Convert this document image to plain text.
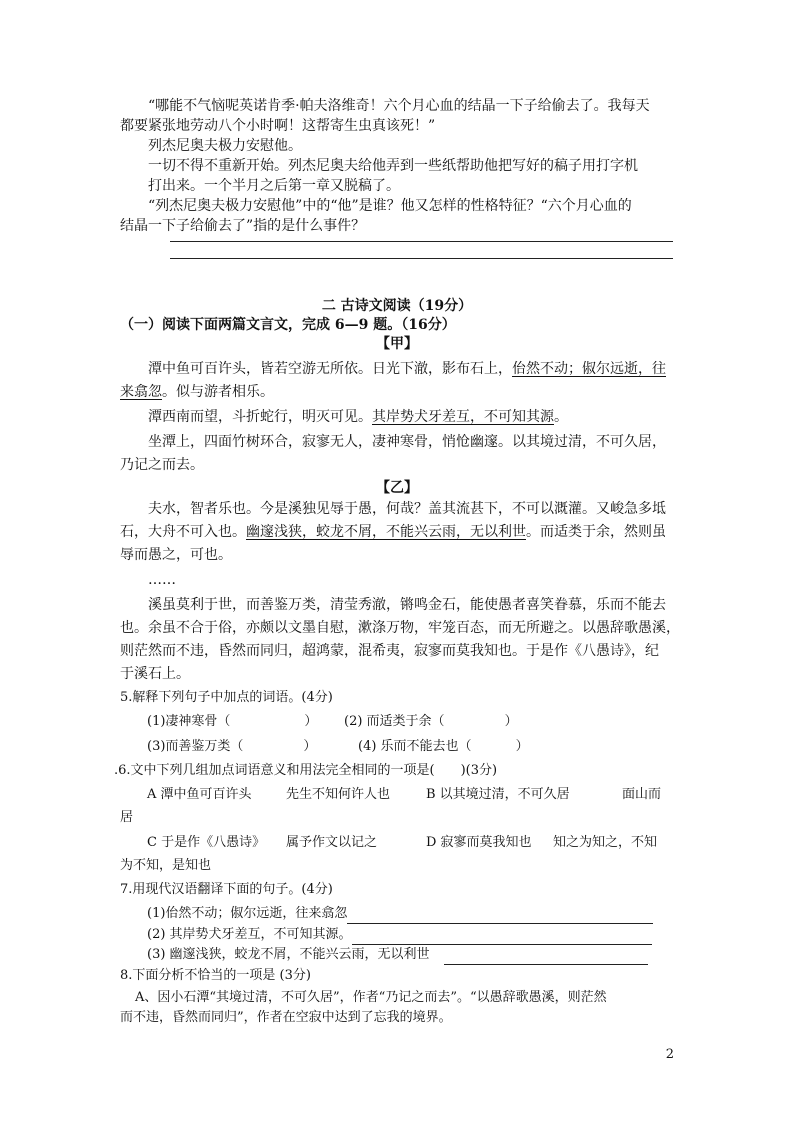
“哪能不气恼呢英诺肯季·帕夫洛维奇！六个月心血的结晶一下子给偷去了。我每天
都要紧张地劳动八个小时啊！这帮寄生虫真该死！”
列杰尼奥夫极力安慰他。
一切不得不重新开始。列杰尼奥夫给他弄到一些纸帮助他把写好的稿子用打字机
打出来。一个半月之后第一章又脱稿了。
“列杰尼奥夫极力安慰他”中的“他”是谁？他又怎样的性格特征？“六个月心血的
结晶一下子给偷去了”指的是什么事件？
二 古诗文阅读（19分）
（一）阅读下面两篇文言文，完成 6—9 题。（16分）
【甲】
潭中鱼可百许头，皆若空游无所依。日光下澈，影布石上，佁然不动；俶尔远逝，往
来翕忽。似与游者相乐。
潭西南而望，斗折蛇行，明灭可见。其岸势犬牙差互，不可知其源。
坐潭上，四面竹树环合，寂寥无人，凄神寒骨，悄怆幽邃。以其境过清，不可久居，
乃记之而去。
【乙】
夫水，智者乐也。今是溪独见辱于愚，何哉？盖其流甚下，不可以溉灌。又峻急多坻
石，大舟不可入也。幽邃浅狭，蛟龙不屑，不能兴云雨，无以利世。而适类于余，然则虽
辱而愚之，可也。
……
溪虽莫利于世，而善鉴万类，清莹秀澈，锵鸣金石，能使愚者喜笑眷慕，乐而不能去
也。余虽不合于俗，亦颇以文墨自慰，漱涤万物，牢笼百态，而无所避之。以愚辞歌愚溪，
则茫然而不违，昏然而同归，超鸿蒙，混希夷，寂寥而莫我知也。于是作《八愚诗》，纪
于溪石上。
5.解释下列句子中加点的词语。(4分)
(1)凄神寒骨（	）	(2) 而适类于余（	）
(3)而善鉴万类（	）	(4) 乐而不能去也（	）
.6.文中下列几组加点词语意义和用法完全相同的一项是(　　)(3分)
A 潭中鱼可百许头	先生不知何许人也	B 以其境过清，不可久居	面山而
居
C 于是作《八愚诗》	属予作文以记之	D 寂寥而莫我知也	知之为知之，不知
为不知，是知也
7.用现代汉语翻译下面的句子。(4分)
(1)佁然不动；俶尔远逝，往来翕忽
(2) 其岸势犬牙差互，不可知其源。
(3) 幽邃浅狭，蛟龙不屑，不能兴云雨，无以利世
8.下面分析不恰当的一项是 (3分)
A、因小石潭“其境过清，不可久居”，作者“乃记之而去”。“以愚辞歌愚溪，则茫然
而不违，昏然而同归”，作者在空寂中达到了忘我的境界。
2
